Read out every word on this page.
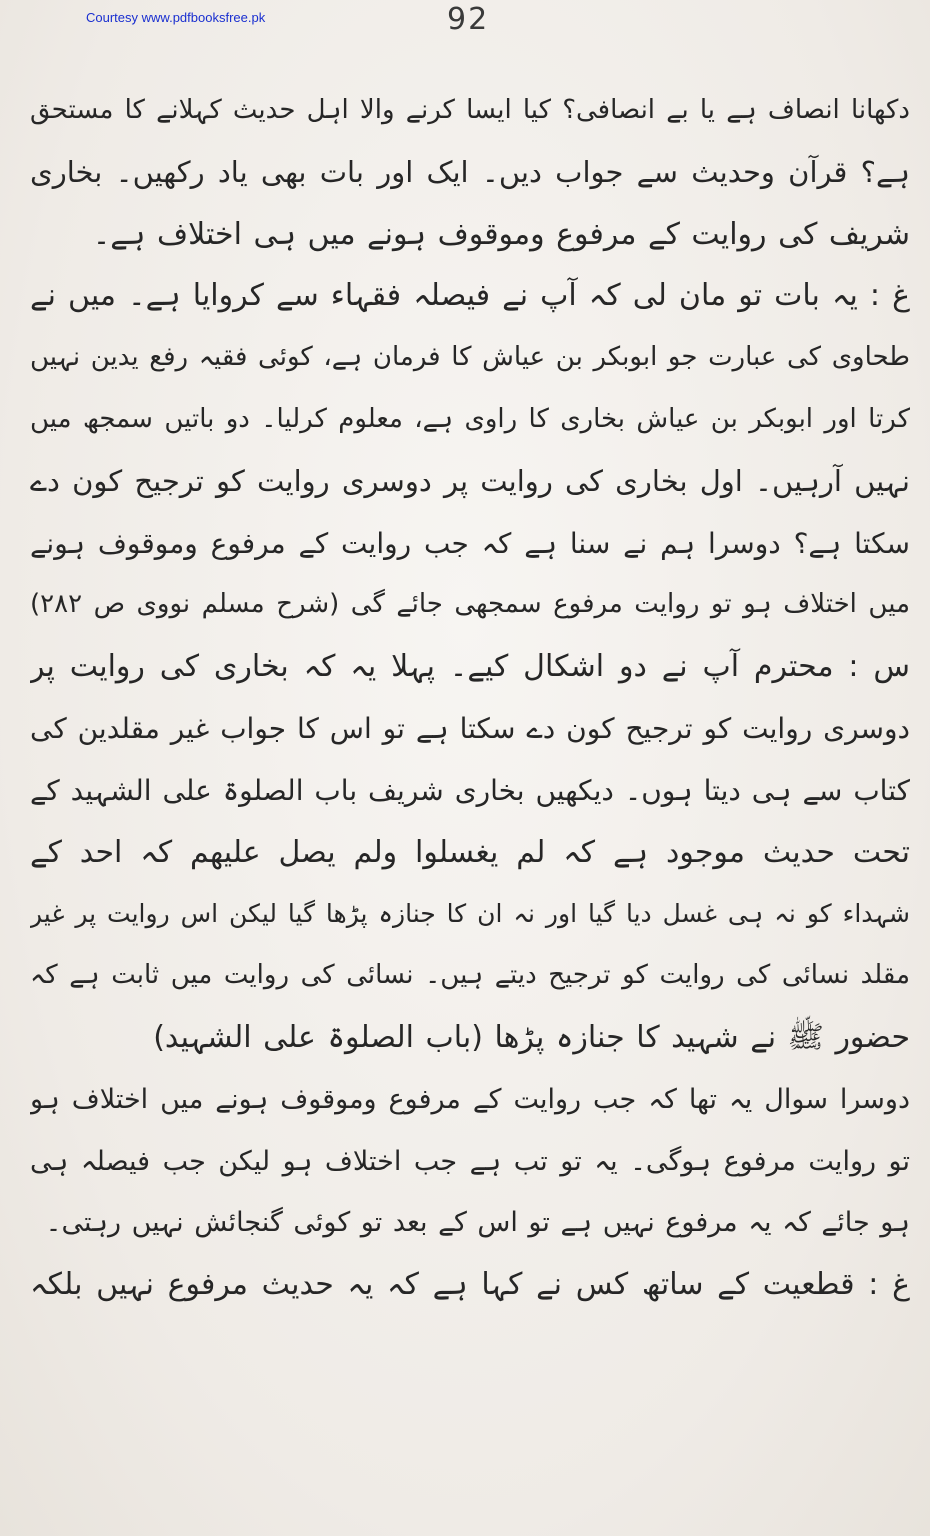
Courtesy www.pdfbooksfree.pk	92
دکھانا انصاف ہے یا بے انصافی؟ کیا ایسا کرنے والا اہل حدیث کہلانے کا مستحق
ہے؟ قرآن وحدیث سے جواب دیں۔ ایک اور بات بھی یاد رکھیں۔ بخاری
شریف کی روایت کے مرفوع وموقوف ہونے میں ہی اختلاف ہے۔
غ : یہ بات تو مان لی کہ آپ نے فیصلہ فقہاء سے کروایا ہے۔ میں نے
طحاوی کی عبارت جو ابوبکر بن عیاش کا فرمان ہے، کوئی فقیہ رفع یدین نہیں
کرتا اور ابوبکر بن عیاش بخاری کا راوی ہے، معلوم کرلیا۔ دو باتیں سمجھ میں
نہیں آرہیں۔ اول بخاری کی روایت پر دوسری روایت کو ترجیح کون دے
سکتا ہے؟ دوسرا ہم نے سنا ہے کہ جب روایت کے مرفوع وموقوف ہونے
میں اختلاف ہو تو روایت مرفوع سمجھی جائے گی (شرح مسلم نووی ص ۲۸۲)
س : محترم آپ نے دو اشکال کیے۔ پہلا یہ کہ بخاری کی روایت پر
دوسری روایت کو ترجیح کون دے سکتا ہے تو اس کا جواب غیر مقلدین کی
کتاب سے ہی دیتا ہوں۔ دیکھیں بخاری شریف باب الصلوۃ علی الشہید کے
تحت حدیث موجود ہے کہ لم یغسلوا ولم یصل علیھم کہ احد کے
شہداء کو نہ ہی غسل دیا گیا اور نہ ان کا جنازہ پڑھا گیا لیکن اس روایت پر غیر
مقلد نسائی کی روایت کو ترجیح دیتے ہیں۔ نسائی کی روایت میں ثابت ہے کہ
حضور ﷺ نے شہید کا جنازہ پڑھا (باب الصلوۃ علی الشہید)
دوسرا سوال یہ تھا کہ جب روایت کے مرفوع وموقوف ہونے میں اختلاف ہو
تو روایت مرفوع ہوگی۔ یہ تو تب ہے جب اختلاف ہو لیکن جب فیصلہ ہی
ہو جائے کہ یہ مرفوع نہیں ہے تو اس کے بعد تو کوئی گنجائش نہیں رہتی۔
غ : قطعیت کے ساتھ کس نے کہا ہے کہ یہ حدیث مرفوع نہیں بلکہ
